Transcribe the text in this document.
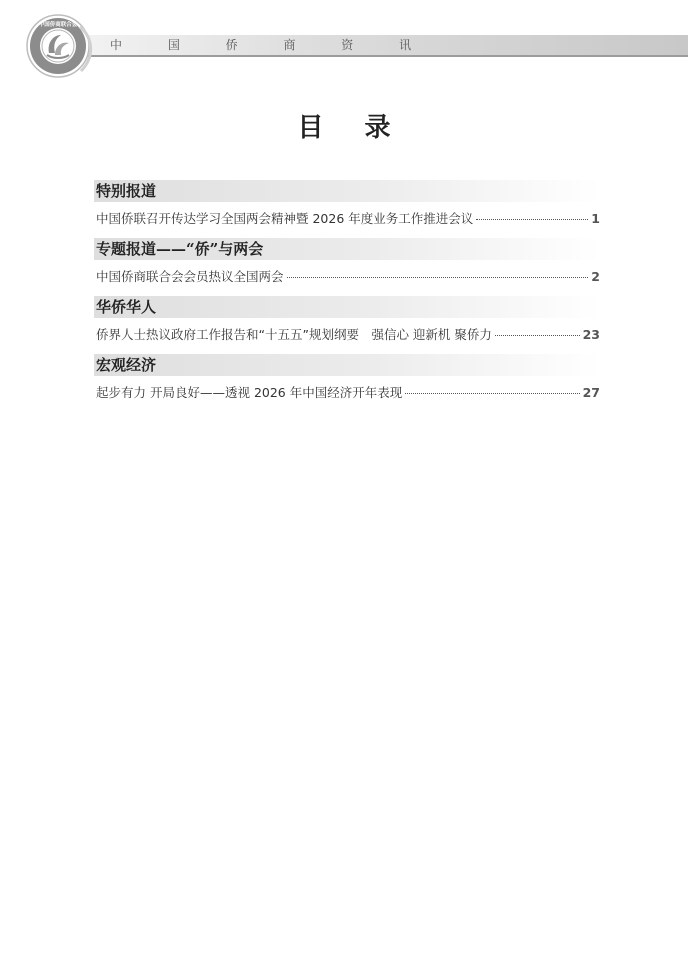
中国侨商联合会
中 国 侨 商 资 讯
目 录
特别报道
中国侨联召开传达学习全国两会精神暨 2026 年度业务工作推进会议	1
专题报道——“侨”与两会
中国侨商联合会会员热议全国两会	2
华侨华人
侨界人士热议政府工作报告和“十五五”规划纲要　强信心 迎新机 聚侨力	23
宏观经济
起步有力 开局良好——透视 2026 年中国经济开年表现	27
